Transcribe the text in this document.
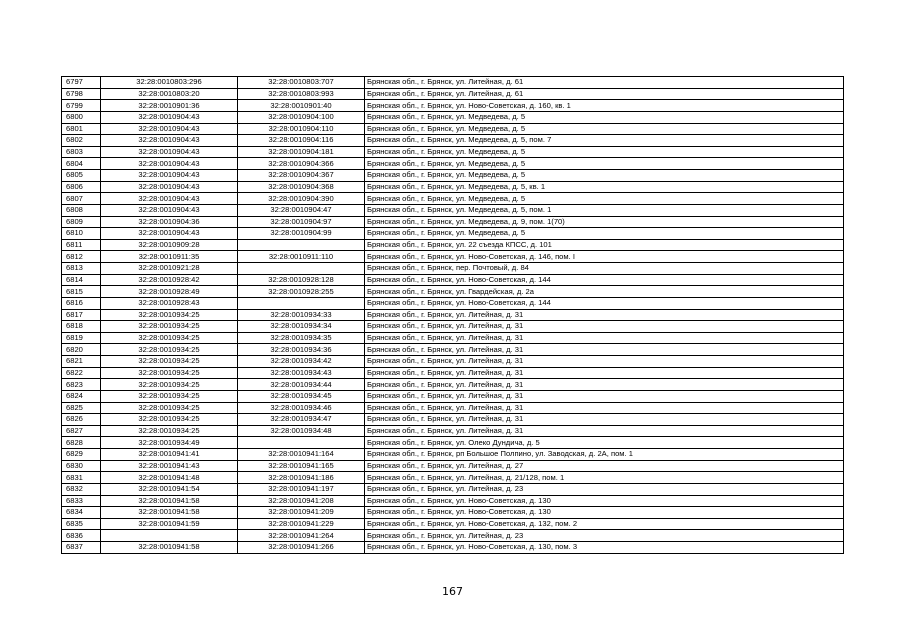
6797	32:28:0010803:296	32:28:0010803:707	Брянская обл., г. Брянск, ул. Литейная, д. 61
6798	32:28:0010803:20	32:28:0010803:993	Брянская обл., г. Брянск, ул. Литейная, д. 61
6799	32:28:0010901:36	32:28:0010901:40	Брянская обл., г. Брянск, ул. Ново-Советская, д. 160, кв. 1
6800	32:28:0010904:43	32:28:0010904:100	Брянская обл., г. Брянск, ул. Медведева, д. 5
6801	32:28:0010904:43	32:28:0010904:110	Брянская обл., г. Брянск, ул. Медведева, д. 5
6802	32:28:0010904:43	32:28:0010904:116	Брянская обл., г. Брянск, ул. Медведева, д. 5, пом. 7
6803	32:28:0010904:43	32:28:0010904:181	Брянская обл., г. Брянск, ул. Медведева, д. 5
6804	32:28:0010904:43	32:28:0010904:366	Брянская обл., г. Брянск, ул. Медведева, д. 5
6805	32:28:0010904:43	32:28:0010904:367	Брянская обл., г. Брянск, ул. Медведева, д. 5
6806	32:28:0010904:43	32:28:0010904:368	Брянская обл., г. Брянск, ул. Медведева, д. 5, кв. 1
6807	32:28:0010904:43	32:28:0010904:390	Брянская обл., г. Брянск, ул. Медведева, д. 5
6808	32:28:0010904:43	32:28:0010904:47	Брянская обл., г. Брянск, ул. Медведева, д. 5, пом. 1
6809	32:28:0010904:36	32:28:0010904:97	Брянская обл., г. Брянск, ул. Медведева, д. 9, пом. 1(70)
6810	32:28:0010904:43	32:28:0010904:99	Брянская обл., г. Брянск, ул. Медведева, д. 5
6811	32:28:0010909:28		Брянская обл., г. Брянск, ул. 22 съезда КПСС, д. 101
6812	32:28:0010911:35	32:28:0010911:110	Брянская обл., г. Брянск, ул. Ново-Советская, д. 146, пом. I
6813	32:28:0010921:28		Брянская обл., г. Брянск, пер. Почтовый, д. 84
6814	32:28:0010928:42	32:28:0010928:128	Брянская обл., г. Брянск, ул. Ново-Советская, д. 144
6815	32:28:0010928:49	32:28:0010928:255	Брянская обл., г. Брянск, ул. Гвардейская, д. 2а
6816	32:28:0010928:43		Брянская обл., г. Брянск, ул. Ново-Советская, д. 144
6817	32:28:0010934:25	32:28:0010934:33	Брянская обл., г. Брянск, ул. Литейная, д. 31
6818	32:28:0010934:25	32:28:0010934:34	Брянская обл., г. Брянск, ул. Литейная, д. 31
6819	32:28:0010934:25	32:28:0010934:35	Брянская обл., г. Брянск, ул. Литейная, д. 31
6820	32:28:0010934:25	32:28:0010934:36	Брянская обл., г. Брянск, ул. Литейная, д. 31
6821	32:28:0010934:25	32:28:0010934:42	Брянская обл., г. Брянск, ул. Литейная, д. 31
6822	32:28:0010934:25	32:28:0010934:43	Брянская обл., г. Брянск, ул. Литейная, д. 31
6823	32:28:0010934:25	32:28:0010934:44	Брянская обл., г. Брянск, ул. Литейная, д. 31
6824	32:28:0010934:25	32:28:0010934:45	Брянская обл., г. Брянск, ул. Литейная, д. 31
6825	32:28:0010934:25	32:28:0010934:46	Брянская обл., г. Брянск, ул. Литейная, д. 31
6826	32:28:0010934:25	32:28:0010934:47	Брянская обл., г. Брянск, ул. Литейная, д. 31
6827	32:28:0010934:25	32:28:0010934:48	Брянская обл., г. Брянск, ул. Литейная, д. 31
6828	32:28:0010934:49		Брянская обл., г. Брянск, ул. Олеко Дундича, д. 5
6829	32:28:0010941:41	32:28:0010941:164	Брянская обл., г. Брянск, рп Большое Полпино, ул. Заводская, д. 2А, пом. 1
6830	32:28:0010941:43	32:28:0010941:165	Брянская обл., г. Брянск, ул. Литейная, д. 27
6831	32:28:0010941:48	32:28:0010941:186	Брянская обл., г. Брянск, ул. Литейная, д. 21/128, пом. 1
6832	32:28:0010941:54	32:28:0010941:197	Брянская обл., г. Брянск, ул. Литейная, д. 23
6833	32:28:0010941:58	32:28:0010941:208	Брянская обл., г. Брянск, ул. Ново-Советская, д. 130
6834	32:28:0010941:58	32:28:0010941:209	Брянская обл., г. Брянск, ул. Ново-Советская, д. 130
6835	32:28:0010941:59	32:28:0010941:229	Брянская обл., г. Брянск, ул. Ново-Советская, д. 132, пом. 2
6836		32:28:0010941:264	Брянская обл., г. Брянск, ул. Литейная, д. 23
6837	32:28:0010941:58	32:28:0010941:266	Брянская обл., г. Брянск, ул. Ново-Советская, д. 130, пом. 3
167
